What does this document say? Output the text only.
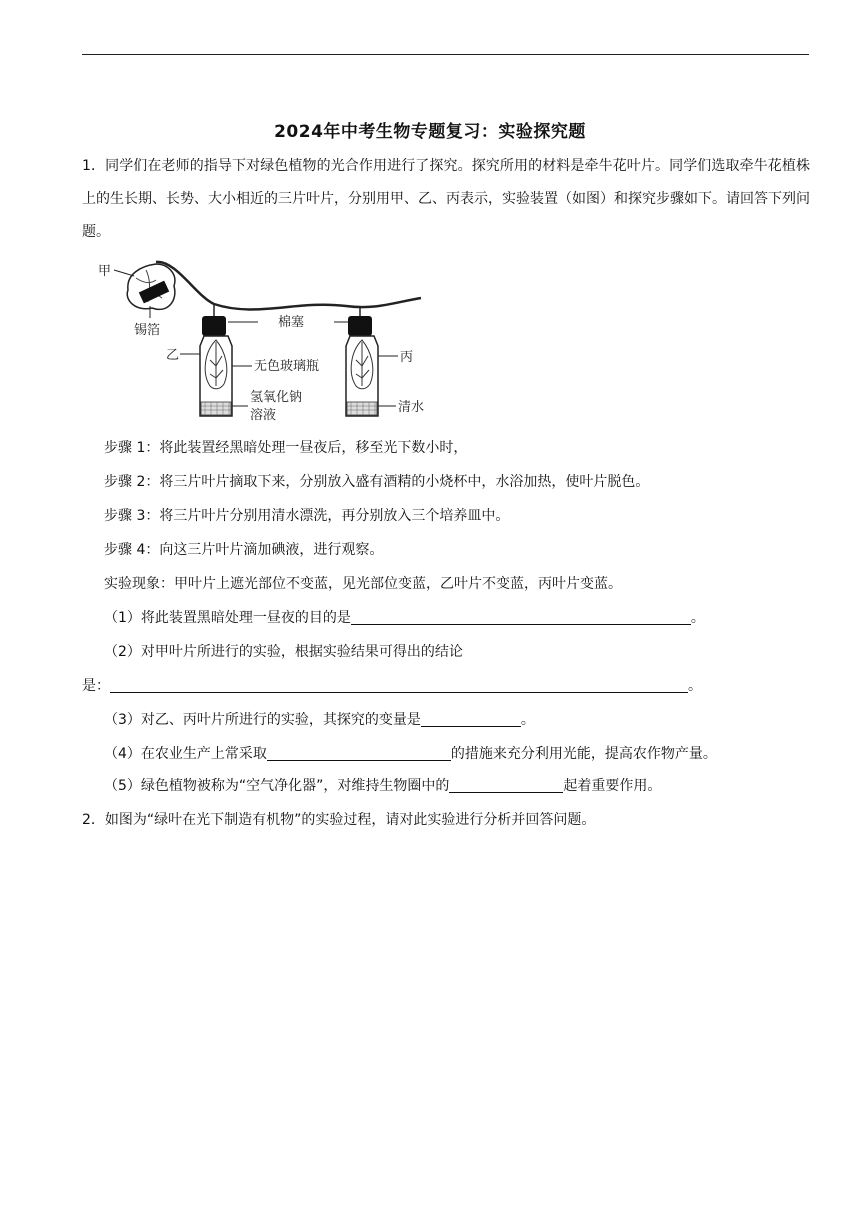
2024年中考生物专题复习：实验探究题
1．同学们在老师的指导下对绿色植物的光合作用进行了探究。探究所用的材料是牵牛花叶片。同学们选取牵牛花植株上的生长期、长势、大小相近的三片叶片，分别用甲、乙、丙表示，实验装置（如图）和探究步骤如下。请回答下列问题。
甲
锡箔
乙
棉塞
无色玻璃瓶
丙
氢氧化钠
溶液
清水
步骤 1：将此装置经黑暗处理一昼夜后，移至光下数小时，
步骤 2：将三片叶片摘取下来，分别放入盛有酒精的小烧杯中，水浴加热，使叶片脱色。
步骤 3：将三片叶片分别用清水漂洗，再分别放入三个培养皿中。
步骤 4：向这三片叶片滴加碘液，进行观察。
实验现象：甲叶片上遮光部位不变蓝，见光部位变蓝，乙叶片不变蓝，丙叶片变蓝。
（1）将此装置黑暗处理一昼夜的目的是	。
（2）对甲叶片所进行的实验，根据实验结果可得出的结论
是：	。
（3）对乙、丙叶片所进行的实验，其探究的变量是	。
（4）在农业生产上常采取	的措施来充分利用光能，提高农作物产量。
（5）绿色植物被称为“空气净化器”，对维持生物圈中的	起着重要作用。
2．如图为“绿叶在光下制造有机物”的实验过程，请对此实验进行分析并回答问题。
